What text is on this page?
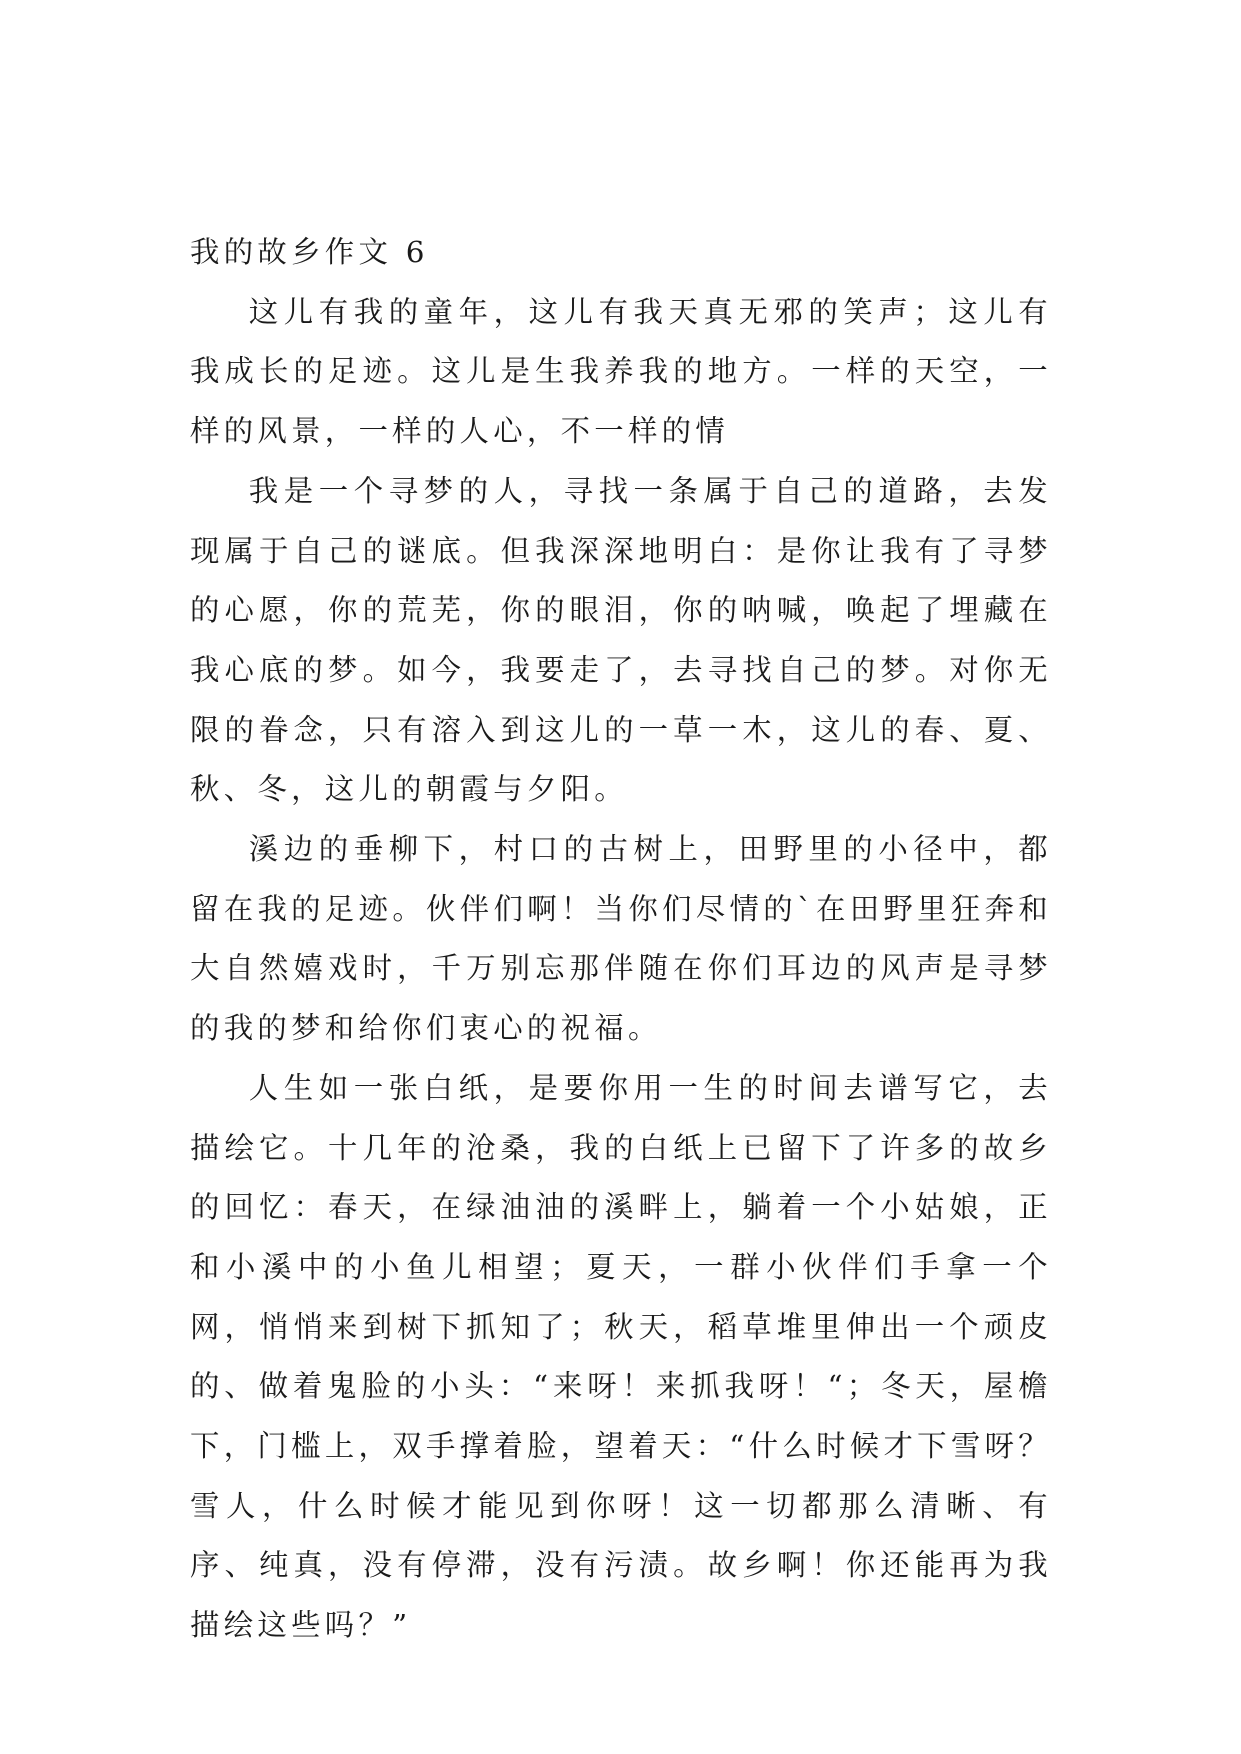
我的故乡作文 6

这儿有我的童年，这儿有我天真无邪的笑声；这儿有我成长的足迹。这儿是生我养我的地方。一样的天空，一样的风景，一样的人心，不一样的情

我是一个寻梦的人，寻找一条属于自己的道路，去发现属于自己的谜底。但我深深地明白：是你让我有了寻梦的心愿，你的荒芜，你的眼泪，你的呐喊，唤起了埋藏在我心底的梦。如今，我要走了，去寻找自己的梦。对你无限的眷念，只有溶入到这儿的一草一木，这儿的春、夏、秋、冬，这儿的朝霞与夕阳。

溪边的垂柳下，村口的古树上，田野里的小径中，都留在我的足迹。伙伴们啊！当你们尽情的`在田野里狂奔和大自然嬉戏时，千万别忘那伴随在你们耳边的风声是寻梦的我的梦和给你们衷心的祝福。

人生如一张白纸，是要你用一生的时间去谱写它，去描绘它。十几年的沧桑，我的白纸上已留下了许多的故乡的回忆：春天，在绿油油的溪畔上，躺着一个小姑娘，正和小溪中的小鱼儿相望；夏天，一群小伙伴们手拿一个网，悄悄来到树下抓知了；秋天，稻草堆里伸出一个顽皮的、做着鬼脸的小头：“来呀！来抓我呀！“；冬天，屋檐下，门槛上，双手撑着脸，望着天：“什么时候才下雪呀？雪人，什么时候才能见到你呀！这一切都那么清晰、有序、纯真，没有停滞，没有污渍。故乡啊！你还能再为我描绘这些吗？”
